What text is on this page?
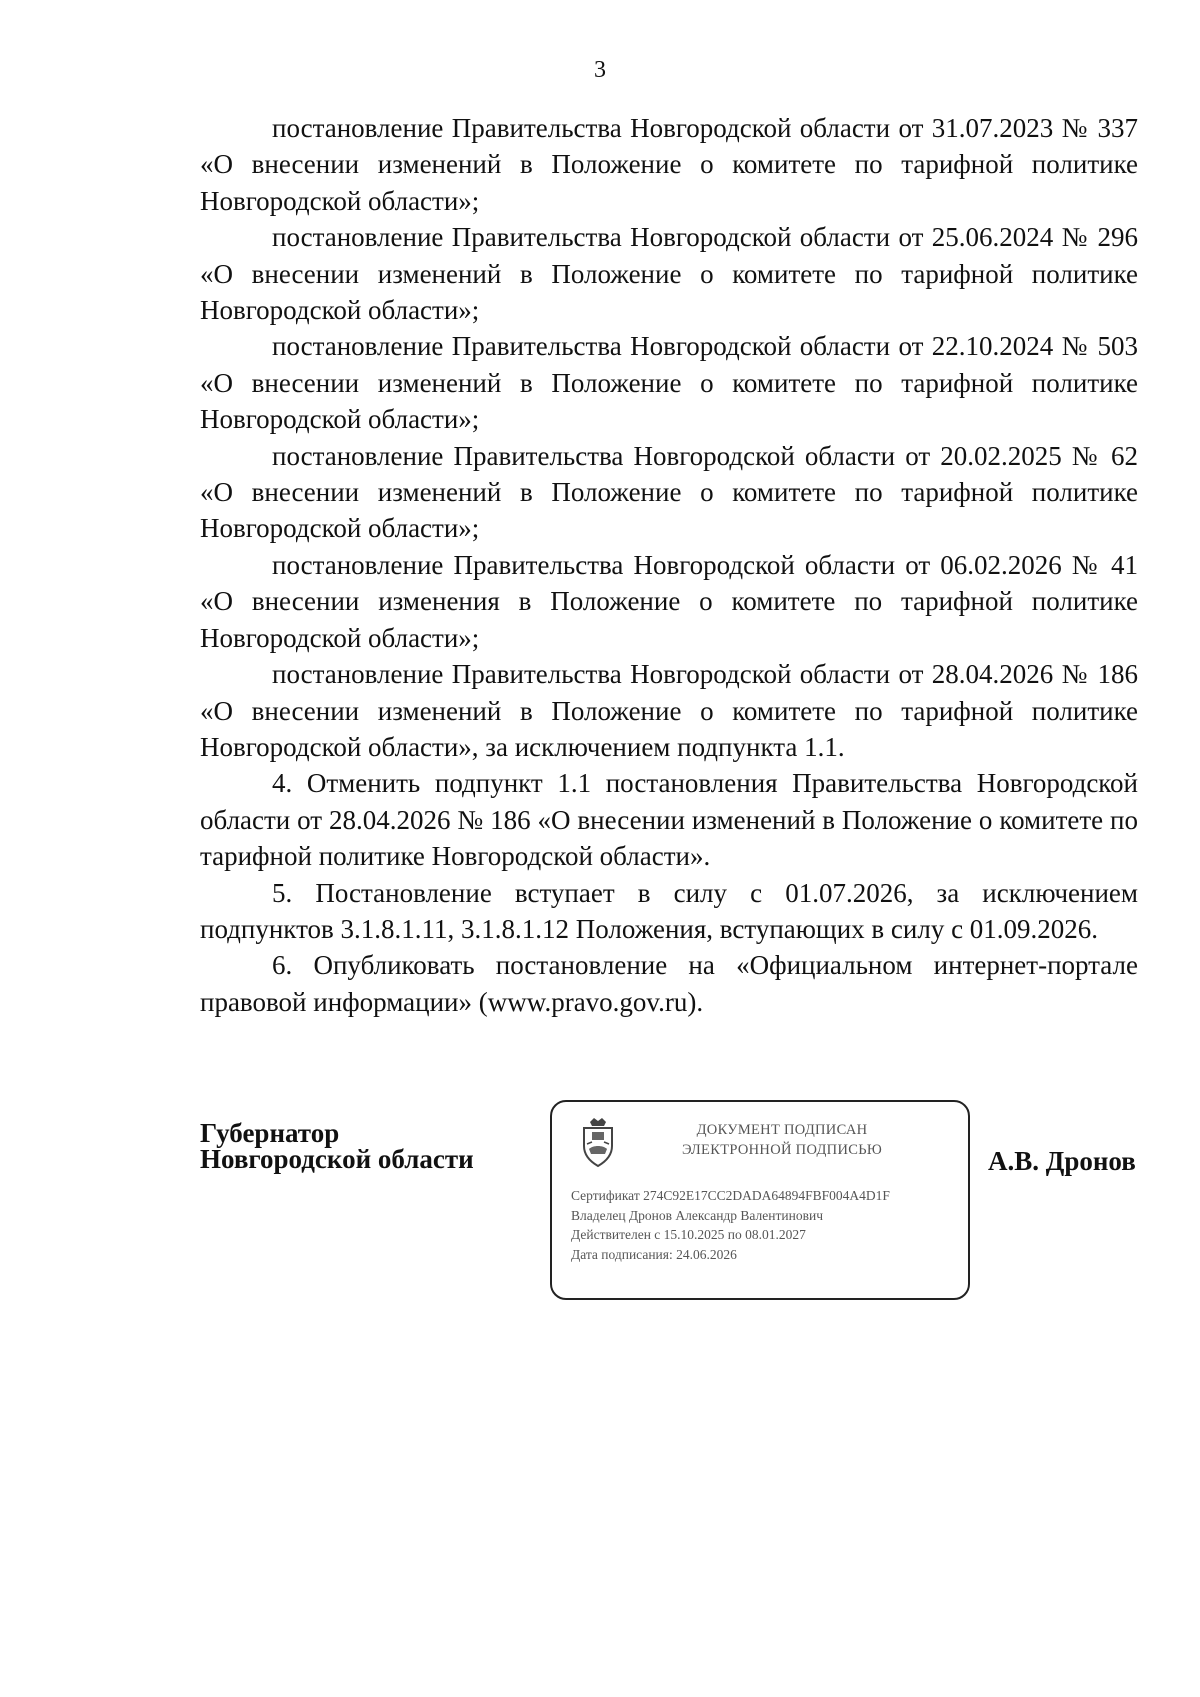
3

постановление Правительства Новгородской области от 31.07.2023 № 337 «О внесении изменений в Положение о комитете по тарифной политике Новгородской области»;

постановление Правительства Новгородской области от 25.06.2024 № 296 «О внесении изменений в Положение о комитете по тарифной политике Новгородской области»;

постановление Правительства Новгородской области от 22.10.2024 № 503 «О внесении изменений в Положение о комитете по тарифной политике Новгородской области»;

постановление Правительства Новгородской области от 20.02.2025 № 62 «О внесении изменений в Положение о комитете по тарифной политике Новгородской области»;

постановление Правительства Новгородской области от 06.02.2026 № 41 «О внесении изменения в Положение о комитете по тарифной политике Новгородской области»;

постановление Правительства Новгородской области от 28.04.2026 № 186 «О внесении изменений в Положение о комитете по тарифной политике Новгородской области», за исключением подпункта 1.1.

4. Отменить подпункт 1.1 постановления Правительства Новгородской области от 28.04.2026 № 186 «О внесении изменений в Положение о комитете по тарифной политике Новгородской области».

5. Постановление вступает в силу с 01.07.2026, за исключением подпунктов 3.1.8.1.11, 3.1.8.1.12 Положения, вступающих в силу с 01.09.2026.

6. Опубликовать постановление на «Официальном интернет-портале правовой информации» (www.pravo.gov.ru).

Губернатор
Новгородской области
ДОКУМЕНТ ПОДПИСАН
ЭЛЕКТРОННОЙ ПОДПИСЬЮ
Сертификат 274C92E17CC2DADA64894FBF004A4D1F
Владелец Дронов Александр Валентинович
Действителен с 15.10.2025 по 08.01.2027
Дата подписания: 24.06.2026
А.В. Дронов
